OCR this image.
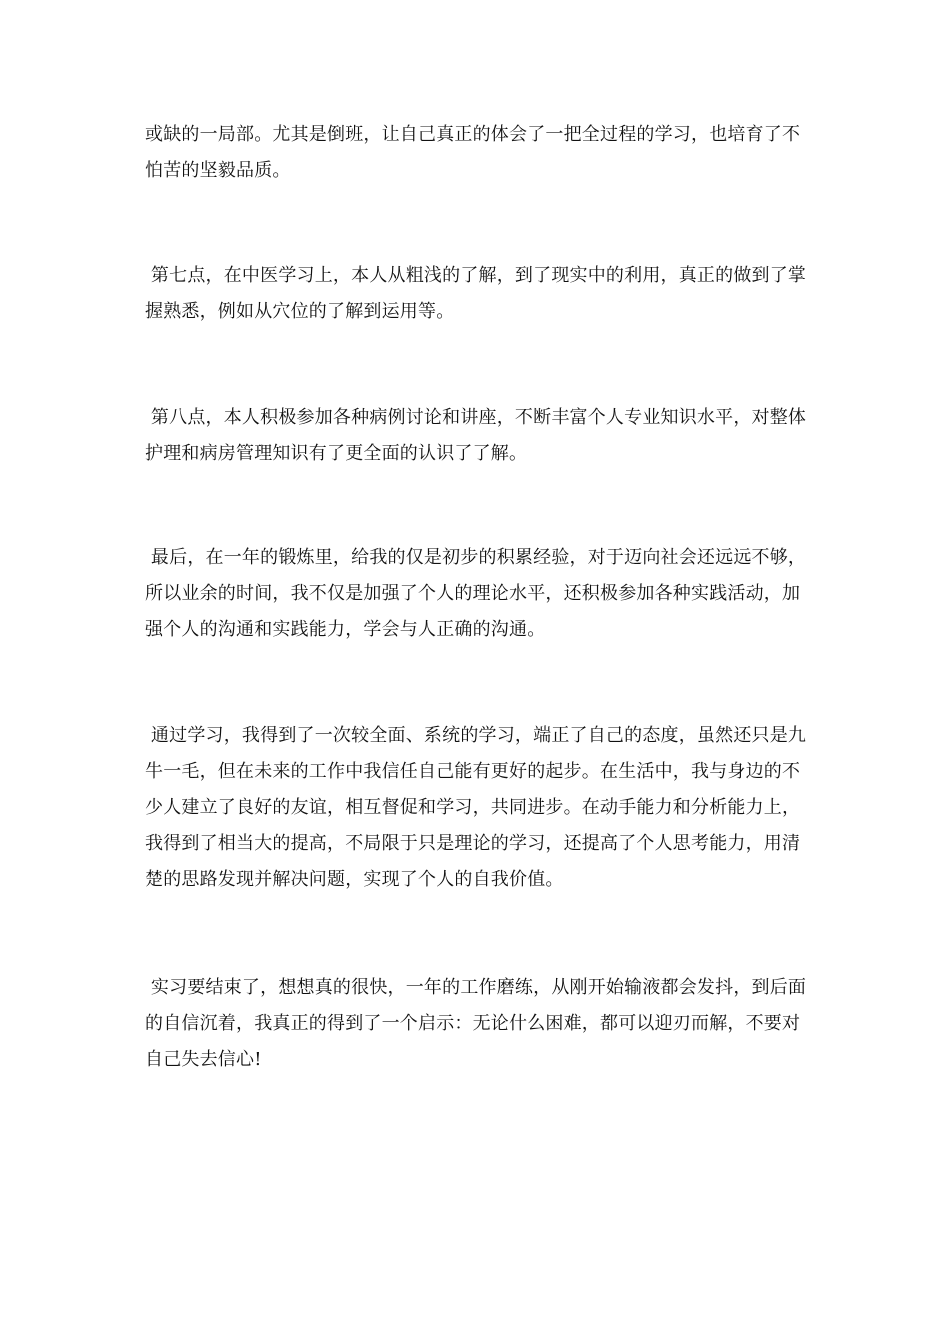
或缺的一局部。尤其是倒班，让自己真正的体会了一把全过程的学习，也培育了不怕苦的坚毅品质。

第七点，在中医学习上，本人从粗浅的了解，到了现实中的利用，真正的做到了掌握熟悉，例如从穴位的了解到运用等。

第八点，本人积极参加各种病例讨论和讲座，不断丰富个人专业知识水平，对整体护理和病房管理知识有了更全面的认识了了解。

最后，在一年的锻炼里，给我的仅是初步的积累经验，对于迈向社会还远远不够，所以业余的时间，我不仅是加强了个人的理论水平，还积极参加各种实践活动，加强个人的沟通和实践能力，学会与人正确的沟通。

通过学习，我得到了一次较全面、系统的学习，端正了自己的态度，虽然还只是九牛一毛，但在未来的工作中我信任自己能有更好的起步。在生活中，我与身边的不少人建立了良好的友谊，相互督促和学习，共同进步。在动手能力和分析能力上，我得到了相当大的提高，不局限于只是理论的学习，还提高了个人思考能力，用清楚的思路发现并解决问题，实现了个人的自我价值。

实习要结束了，想想真的很快，一年的工作磨练，从刚开始输液都会发抖，到后面的自信沉着，我真正的得到了一个启示：无论什么困难，都可以迎刃而解，不要对自己失去信心!
